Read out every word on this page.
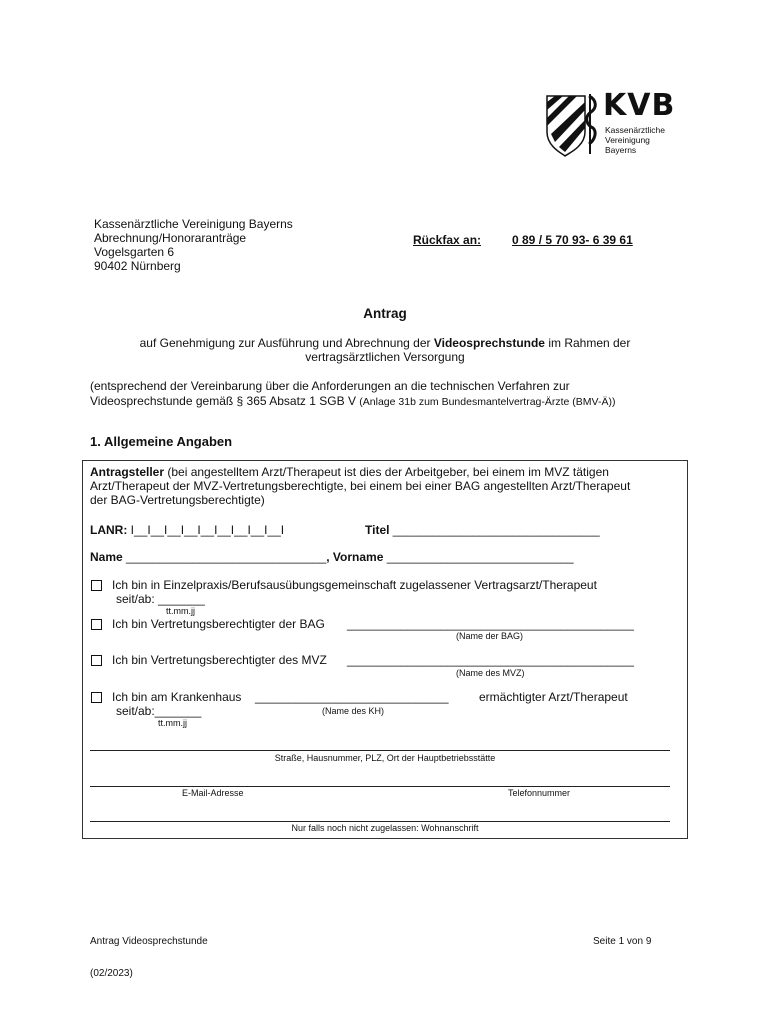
KVB
Kassenärztliche
Vereinigung
Bayerns
Kassenärztliche Vereinigung Bayerns
Abrechnung/Honoraranträge
Vogelsgarten 6
90402 Nürnberg
Rückfax an:	0 89 / 5 70 93- 6 39 61
Antrag
auf Genehmigung zur Ausführung und Abrechnung der Videosprechstunde im Rahmen der
vertragsärztlichen Versorgung
(entsprechend der Vereinbarung über die Anforderungen an die technischen Verfahren zur
Videosprechstunde gemäß § 365 Absatz 1 SGB V (Anlage 31b zum Bundesmantelvertrag-Ärzte (BMV-Ä))
1. Allgemeine Angaben
Antragsteller (bei angestelltem Arzt/Therapeut ist dies der Arbeitgeber, bei einem im MVZ tätigen
Arzt/Therapeut der MVZ-Vertretungsberechtigte, bei einem bei einer BAG angestellten Arzt/Therapeut
der BAG-Vertretungsberechtigte)
LANR: I__I__I__I__I__I__I__I__I__I	Titel _______________________________
Name ______________________________, Vorname ____________________________
Ich bin in Einzelpraxis/Berufsausübungsgemeinschaft zugelassener Vertragsarzt/Therapeut
seit/ab: _______
tt.mm.jj
Ich bin Vertretungsberechtigter der BAG ___________________________________________
(Name der BAG)
Ich bin Vertretungsberechtigter des MVZ ___________________________________________
(Name des MVZ)
Ich bin am Krankenhaus _____________________________	ermächtigter Arzt/Therapeut
seit/ab:_______	(Name des KH)
tt.mm.jj
Straße, Hausnummer, PLZ, Ort der Hauptbetriebsstätte
E-Mail-Adresse	Telefonnummer
Nur falls noch nicht zugelassen: Wohnanschrift
Antrag Videosprechstunde	Seite 1 von 9
(02/2023)
